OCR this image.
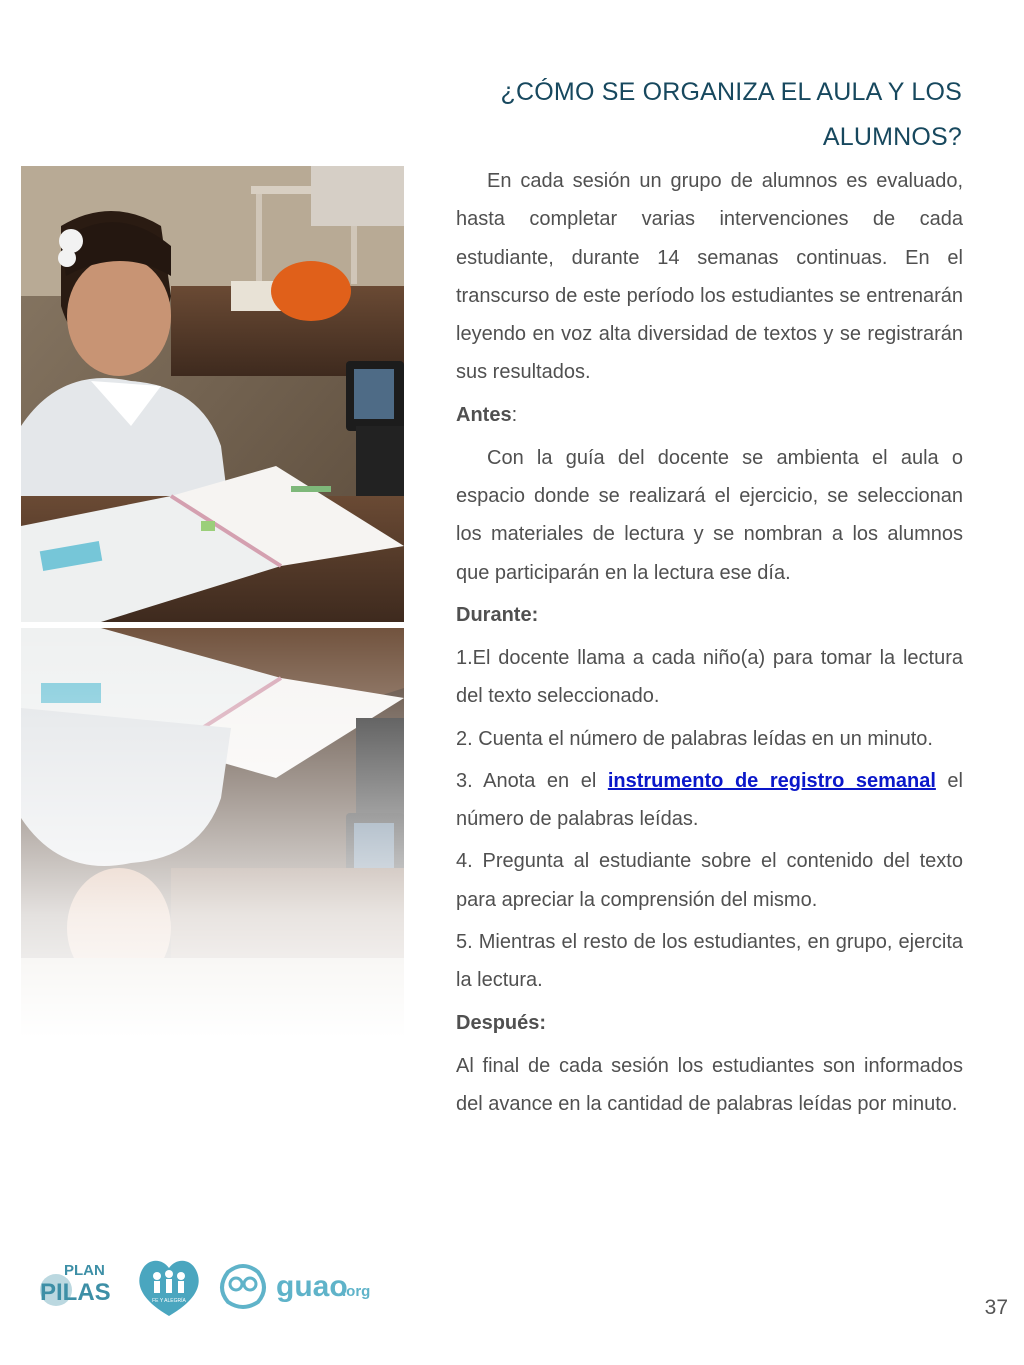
¿CÓMO SE ORGANIZA EL AULA Y LOS ALUMNOS?

En cada sesión un grupo de alumnos es evaluado, hasta completar varias intervenciones de cada estudiante, durante 14 semanas continuas. En el transcurso de este período los estudiantes se entrenarán leyendo en voz alta diversidad de textos y se registrarán sus resultados.

Antes:

Con la guía del docente se ambienta el aula o espacio donde se realizará el ejercicio, se seleccionan los materiales de lectura y se nombran a los alumnos que participarán en la lectura ese día.

Durante:

1.El docente llama a cada niño(a) para tomar la lectura del texto seleccionado.

2. Cuenta el número de palabras leídas en un minuto.

3. Anota en el instrumento de registro semanal el número de palabras leídas.

4. Pregunta al estudiante sobre el contenido del texto para apreciar la comprensión del mismo.

5. Mientras el resto de los estudiantes, en grupo, ejercita la lectura.

Después:

Al final de cada sesión los estudiantes son informados del avance en la cantidad de palabras leídas por minuto.

PLAN
PILAS	FE Y ALEGRÍA	guao
.org
37
